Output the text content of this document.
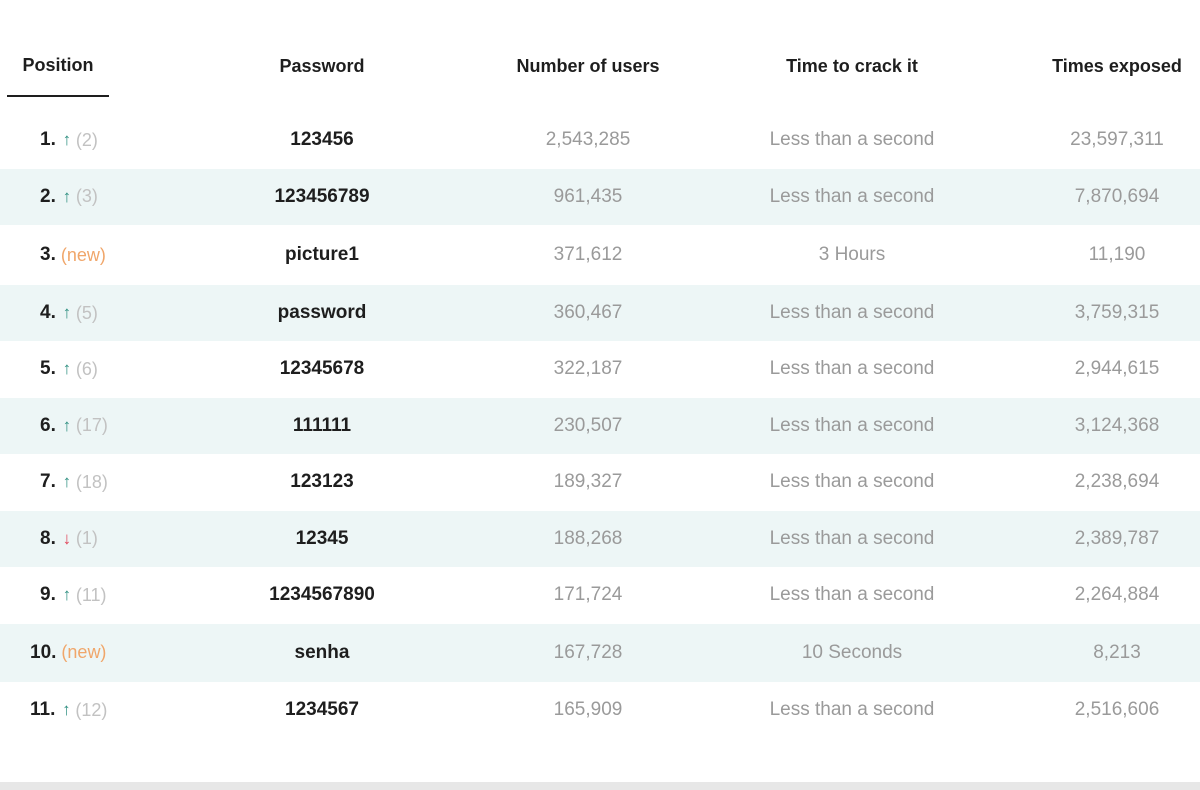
Position	Password	Number of users	Time to crack it	Times exposed
1. ↑ (2)	123456	2,543,285	Less than a second	23,597,311
2. ↑ (3)	123456789	961,435	Less than a second	7,870,694
3. (new)	picture1	371,612	3 Hours	11,190
4. ↑ (5)	password	360,467	Less than a second	3,759,315
5. ↑ (6)	12345678	322,187	Less than a second	2,944,615
6. ↑ (17)	111111	230,507	Less than a second	3,124,368
7. ↑ (18)	123123	189,327	Less than a second	2,238,694
8. ↓ (1)	12345	188,268	Less than a second	2,389,787
9. ↑ (11)	1234567890	171,724	Less than a second	2,264,884
10. (new)	senha	167,728	10 Seconds	8,213
11. ↑ (12)	1234567	165,909	Less than a second	2,516,606
